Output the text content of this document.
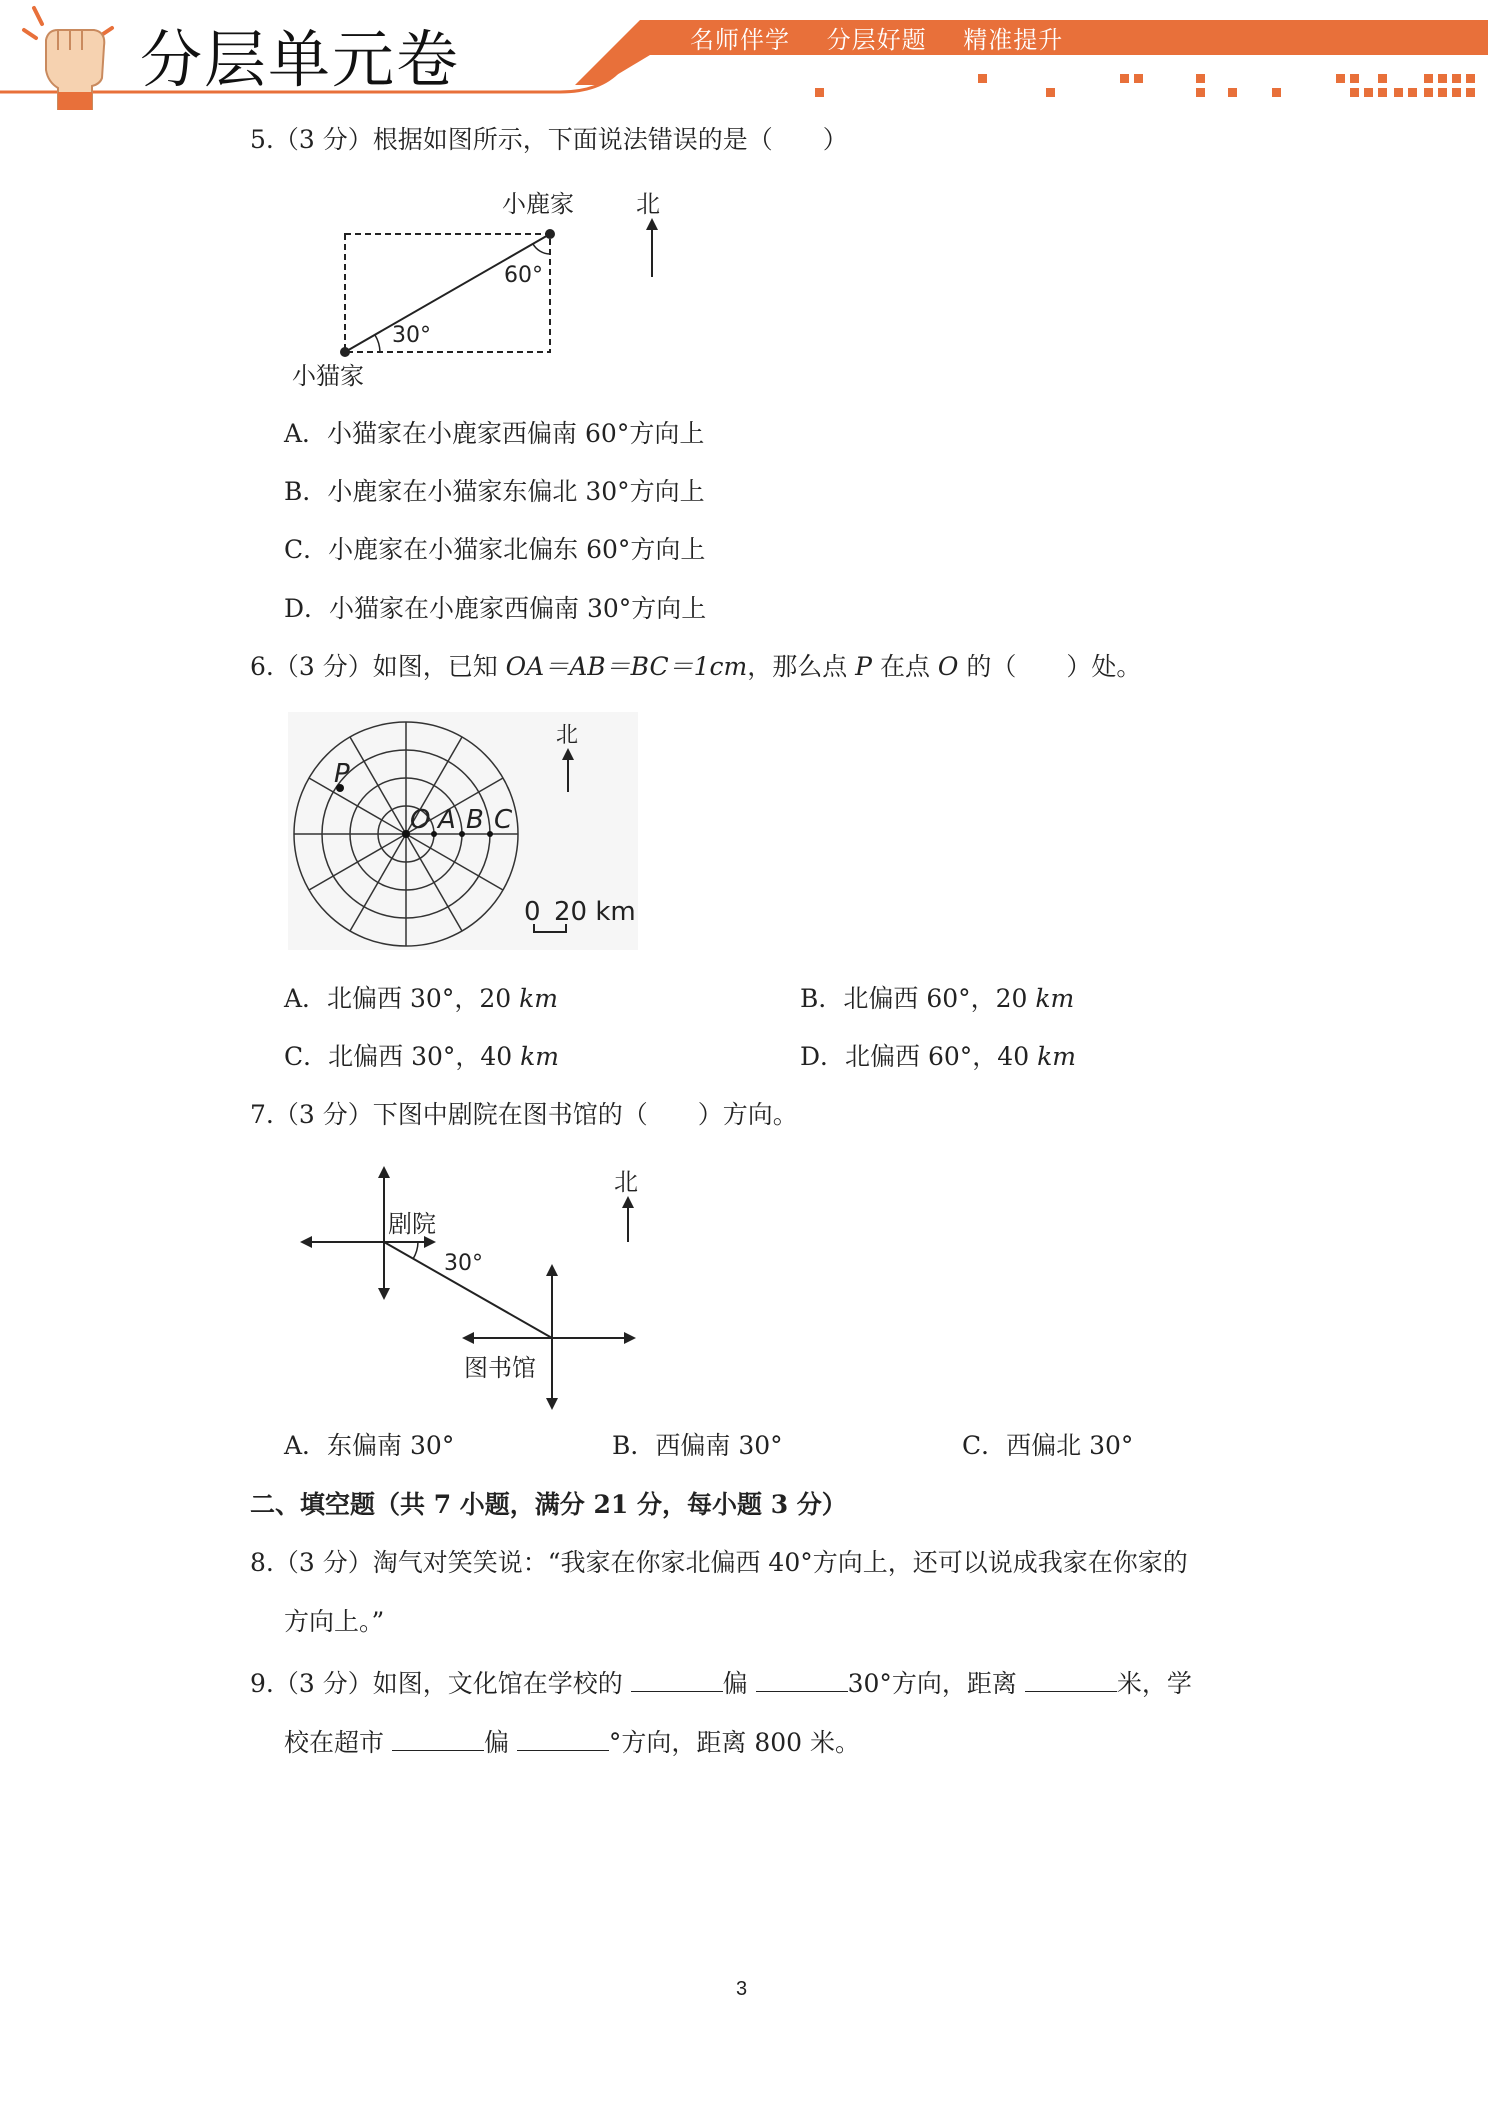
分层单元卷	名师伴学 分层好题 精准提升
5.（3 分）根据如图所示，下面说法错误的是（　　）
小鹿家
小猫家
北
60°
30°
A．小猫家在小鹿家西偏南 60°方向上
B．小鹿家在小猫家东偏北 30°方向上
C．小鹿家在小猫家北偏东 60°方向上
D．小猫家在小鹿家西偏南 30°方向上
6.（3 分）如图，已知 OA＝AB＝BC＝1cm，那么点 P 在点 O 的（　　）处。
P
O A B C
北
0 20 km
A．北偏西 30°，20 km	B．北偏西 60°，20 km
C．北偏西 30°，40 km	D．北偏西 60°，40 km
7.（3 分）下图中剧院在图书馆的（　　）方向。
剧院
图书馆
北
30°
A．东偏南 30°	B．西偏南 30°	C．西偏北 30°
二、填空题（共 7 小题，满分 21 分，每小题 3 分）
8.（3 分）淘气对笑笑说：“我家在你家北偏西 40°方向上，还可以说成我家在你家的
方向上。”
9.（3 分）如图，文化馆在学校的	偏	30°方向，距离	米，学
校在超市	偏	°方向，距离 800 米。
3
